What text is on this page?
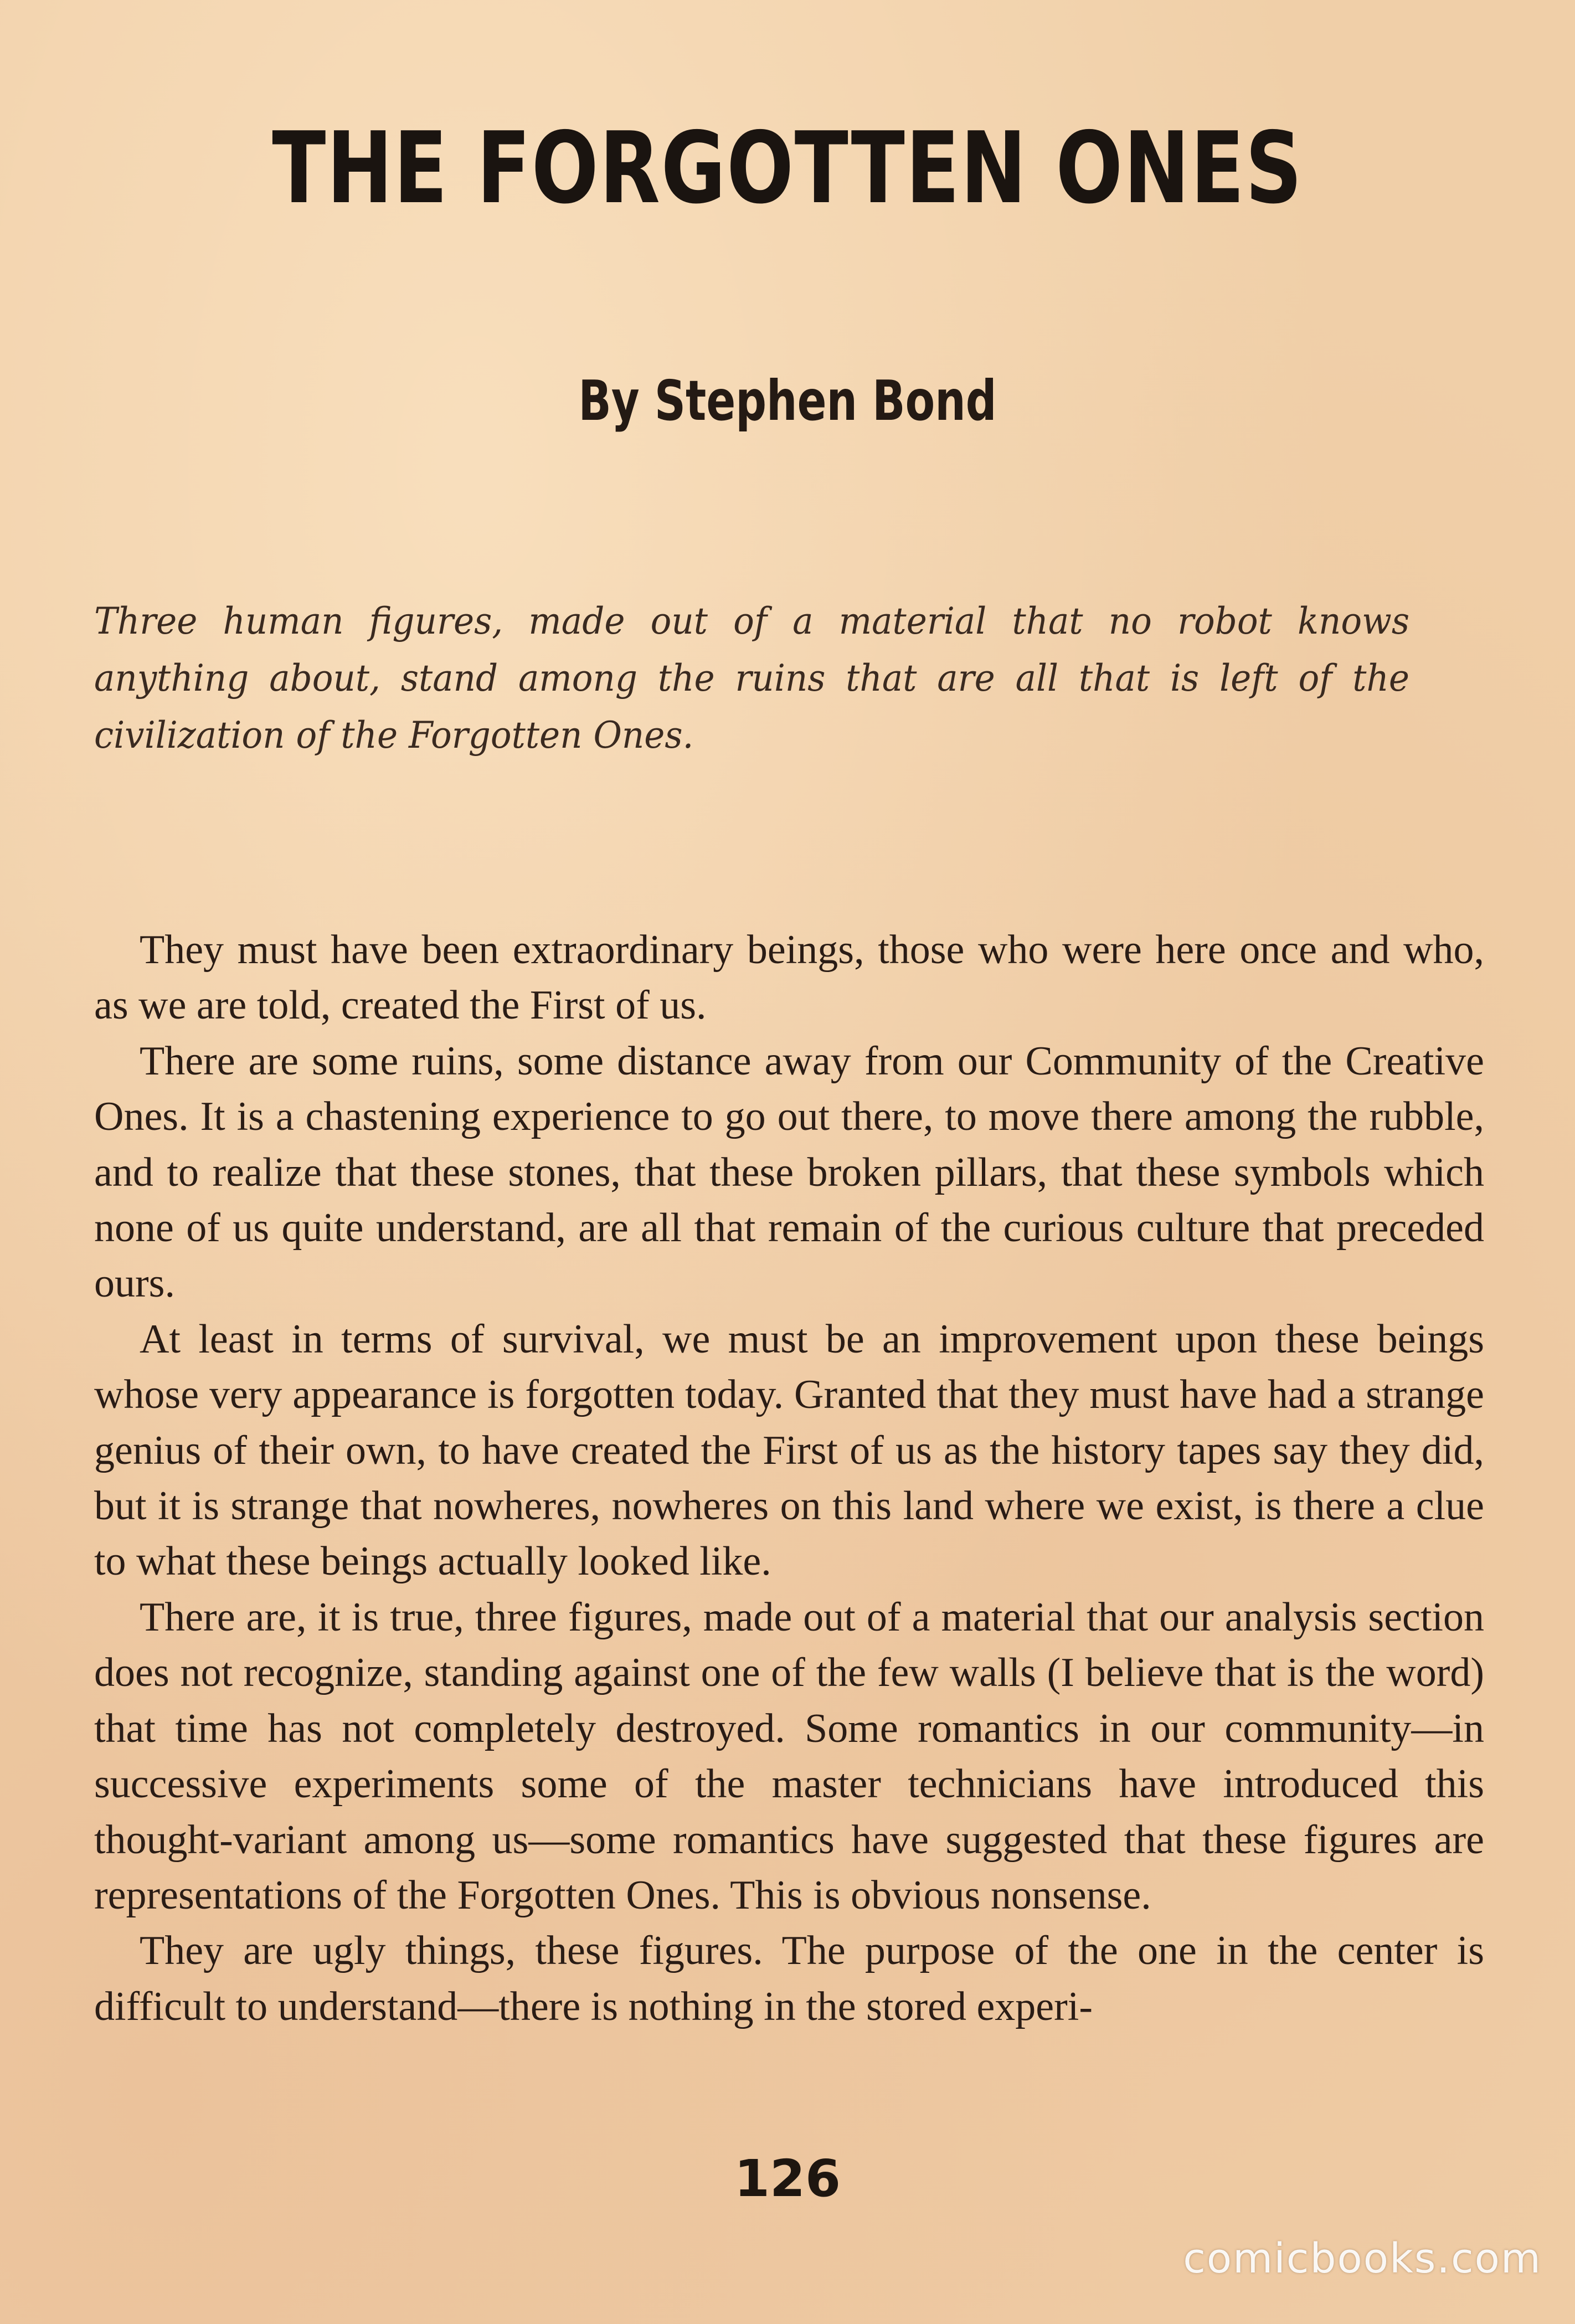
THE FORGOTTEN ONES
By Stephen Bond
Three human figures, made out of a material that no robot knows anything about, stand among the ruins that are all that is left of the civilization of the Forgotten Ones.

They must have been extraordinary beings, those who were here once and who, as we are told, created the First of us.

There are some ruins, some distance away from our Community of the Creative Ones. It is a chastening experience to go out there, to move there among the rubble, and to realize that these stones, that these broken pillars, that these symbols which none of us quite understand, are all that remain of the curious culture that preceded ours.

At least in terms of survival, we must be an improvement upon these beings whose very appearance is forgotten today. Granted that they must have had a strange genius of their own, to have created the First of us as the history tapes say they did, but it is strange that nowheres, nowheres on this land where we exist, is there a clue to what these beings actually looked like.

There are, it is true, three figures, made out of a material that our analysis section does not recognize, standing against one of the few walls (I believe that is the word) that time has not completely destroyed. Some romantics in our community—in successive experiments some of the master technicians have introduced this thought-variant among us—some romantics have suggested that these figures are representations of the Forgotten Ones. This is obvious nonsense.

They are ugly things, these figures. The purpose of the one in the center is difficult to understand—there is nothing in the stored experi-

126
comicbooks.com
